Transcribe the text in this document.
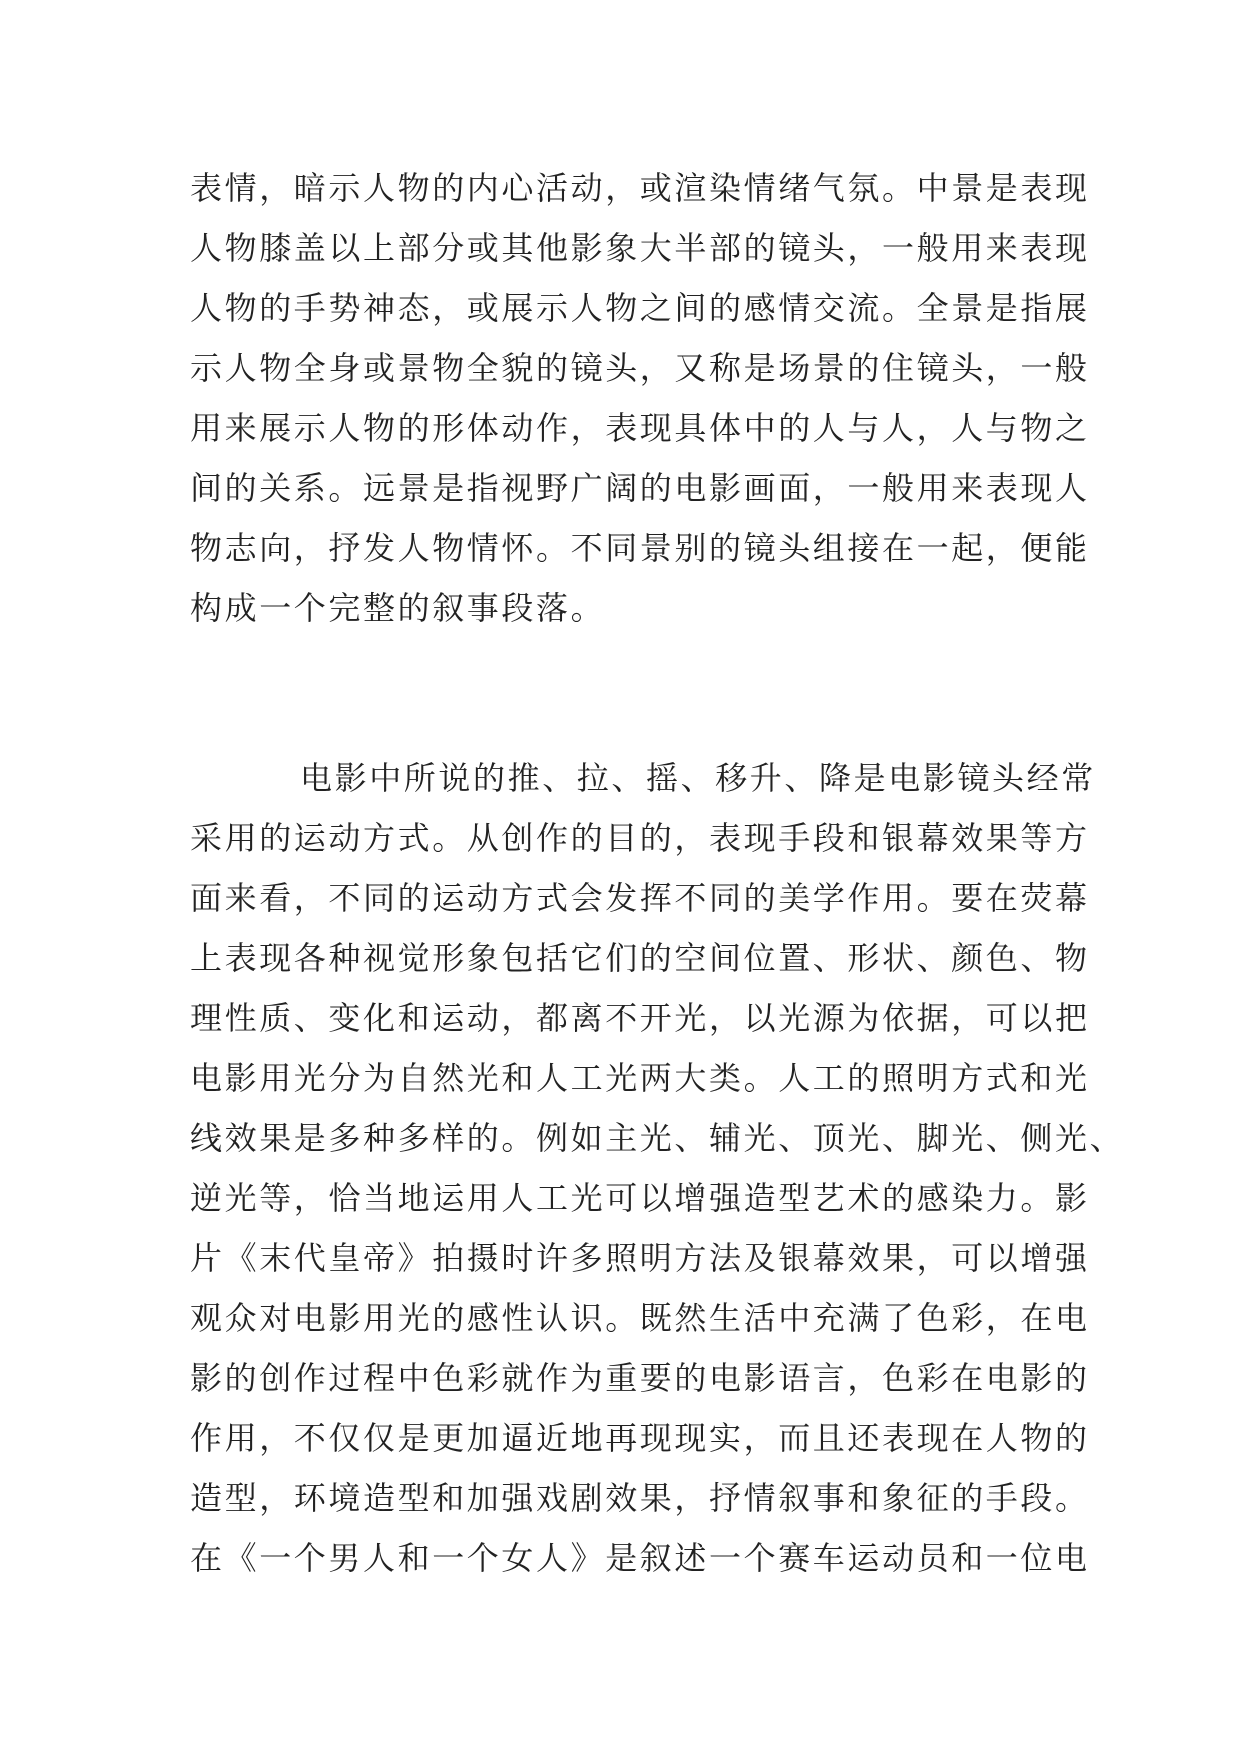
表情，暗示人物的内心活动，或渲染情绪气氛。中景是表现
人物膝盖以上部分或其他影象大半部的镜头，一般用来表现
人物的手势神态，或展示人物之间的感情交流。全景是指展
示人物全身或景物全貌的镜头，又称是场景的住镜头，一般
用来展示人物的形体动作，表现具体中的人与人，人与物之
间的关系。远景是指视野广阔的电影画面，一般用来表现人
物志向，抒发人物情怀。不同景别的镜头组接在一起，便能
构成一个完整的叙事段落。
电影中所说的推、拉、摇、移升、降是电影镜头经常
采用的运动方式。从创作的目的，表现手段和银幕效果等方
面来看，不同的运动方式会发挥不同的美学作用。要在荧幕
上表现各种视觉形象包括它们的空间位置、形状、颜色、物
理性质、变化和运动，都离不开光，以光源为依据，可以把
电影用光分为自然光和人工光两大类。人工的照明方式和光
线效果是多种多样的。例如主光、辅光、顶光、脚光、侧光、
逆光等，恰当地运用人工光可以增强造型艺术的感染力。影
片《末代皇帝》拍摄时许多照明方法及银幕效果，可以增强
观众对电影用光的感性认识。既然生活中充满了色彩，在电
影的创作过程中色彩就作为重要的电影语言，色彩在电影的
作用，不仅仅是更加逼近地再现现实，而且还表现在人物的
造型，环境造型和加强戏剧效果，抒情叙事和象征的手段。
在《一个男人和一个女人》是叙述一个赛车运动员和一位电
